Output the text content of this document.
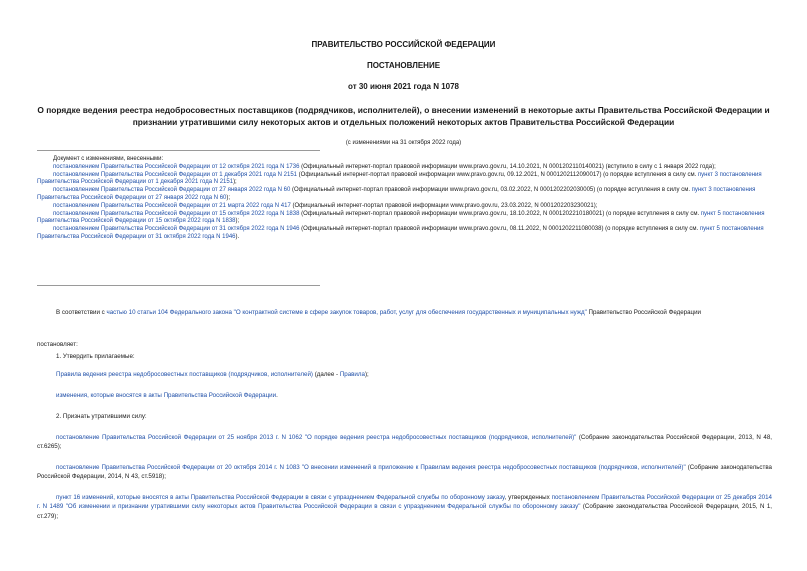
ПРАВИТЕЛЬСТВО РОССИЙСКОЙ ФЕДЕРАЦИИ
ПОСТАНОВЛЕНИЕ
от 30 июня 2021 года N 1078
О порядке ведения реестра недобросовестных поставщиков (подрядчиков, исполнителей), о внесении изменений в некоторые акты Правительства Российской Федерации и признании утратившими силу некоторых актов и отдельных положений некоторых актов Правительства Российской Федерации
(с изменениями на 31 октября 2022 года)

Документ с изменениями, внесенными:

постановлением Правительства Российской Федерации от 12 октября 2021 года N 1736 (Официальный интернет-портал правовой информации www.pravo.gov.ru, 14.10.2021, N 0001202110140021) (вступило в силу с 1 января 2022 года);

постановлением Правительства Российской Федерации от 1 декабря 2021 года N 2151 (Официальный интернет-портал правовой информации www.pravo.gov.ru, 09.12.2021, N 0001202112090017) (о порядке вступления в силу см. пункт 3 постановления Правительства Российской Федерации от 1 декабря 2021 года N 2151);

постановлением Правительства Российской Федерации от 27 января 2022 года N 60 (Официальный интернет-портал правовой информации www.pravo.gov.ru, 03.02.2022, N 0001202202030005) (о порядке вступления в силу см. пункт 3 постановления Правительства Российской Федерации от 27 января 2022 года N 60);

постановлением Правительства Российской Федерации от 21 марта 2022 года N 417 (Официальный интернет-портал правовой информации www.pravo.gov.ru, 23.03.2022, N 0001202203230021);

постановлением Правительства Российской Федерации от 15 октября 2022 года N 1838 (Официальный интернет-портал правовой информации www.pravo.gov.ru, 18.10.2022, N 0001202210180021) (о порядке вступления в силу см. пункт 5 постановления Правительства Российской Федерации от 15 октября 2022 года N 1838);

постановлением Правительства Российской Федерации от 31 октября 2022 года N 1946 (Официальный интернет-портал правовой информации www.pravo.gov.ru, 08.11.2022, N 0001202211080038) (о порядке вступления в силу см. пункт 5 постановления Правительства Российской Федерации от 31 октября 2022 года N 1946).

В соответствии с частью 10 статьи 104 Федерального закона "О контрактной системе в сфере закупок товаров, работ, услуг для обеспечения государственных и муниципальных нужд" Правительство Российской Федерации
постановляет:
1. Утвердить прилагаемые:
Правила ведения реестра недобросовестных поставщиков (подрядчиков, исполнителей) (далее - Правила);
изменения, которые вносятся в акты Правительства Российской Федерации.
2. Признать утратившими силу:
постановление Правительства Российской Федерации от 25 ноября 2013 г. N 1062 "О порядке ведения реестра недобросовестных поставщиков (подрядчиков, исполнителей)" (Собрание законодательства Российской Федерации, 2013, N 48, ст.6265);
постановление Правительства Российской Федерации от 20 октября 2014 г. N 1083 "О внесении изменений в приложение к Правилам ведения реестра недобросовестных поставщиков (подрядчиков, исполнителей)" (Собрание законодательства Российской Федерации, 2014, N 43, ст.5918);
пункт 16 изменений, которые вносятся в акты Правительства Российской Федерации в связи с упразднением Федеральной службы по оборонному заказу, утвержденных постановлением Правительства Российской Федерации от 25 декабря 2014 г. N 1489 "Об изменении и признании утратившими силу некоторых актов Правительства Российской Федерации в связи с упразднением Федеральной службы по оборонному заказу" (Собрание законодательства Российской Федерации, 2015, N 1, ст.279);
